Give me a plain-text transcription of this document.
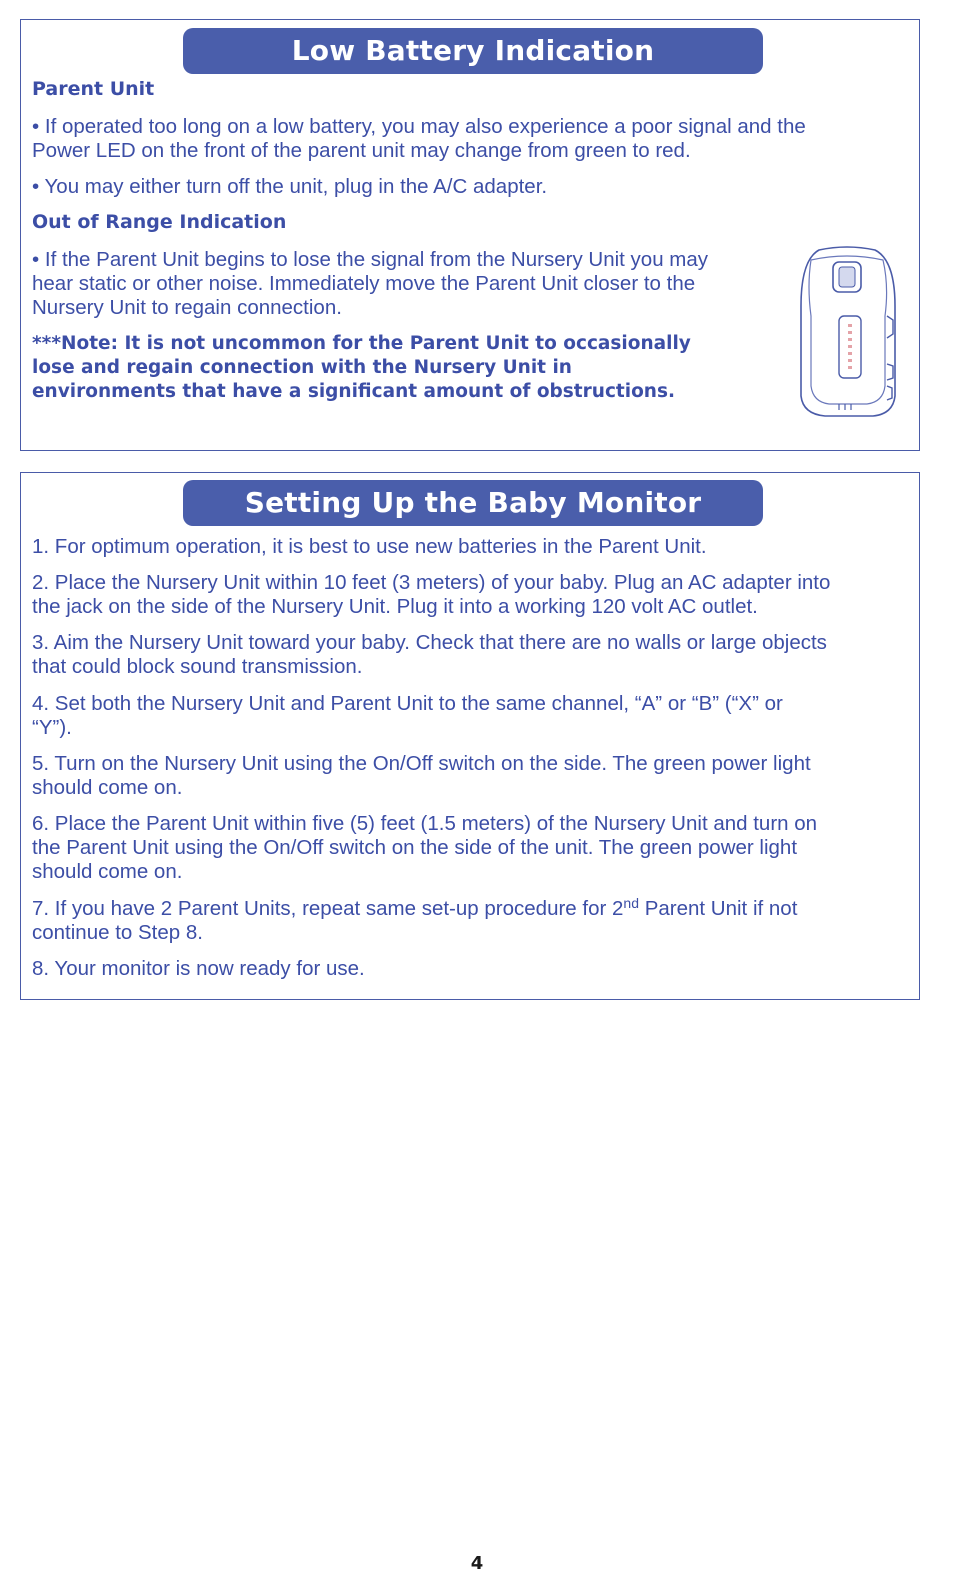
Low Battery Indication
Parent Unit
• If operated too long on a low battery, you may also experience a poor signal and the
Power LED on the front of the parent unit may change from green to red.
• You may either turn off the unit, plug in the A/C adapter.
Out of Range Indication
• If the Parent Unit begins to lose the signal from the Nursery Unit you may
hear static or other noise. Immediately move the Parent Unit closer to the
Nursery Unit to regain connection.
***Note: It is not uncommon for the Parent Unit to occasionally
lose and regain connection with the Nursery Unit in
environments that have a significant amount of obstructions.
Setting Up the Baby Monitor
1. For optimum operation, it is best to use new batteries in the Parent Unit.
2. Place the Nursery Unit within 10 feet (3 meters) of your baby. Plug an AC adapter into
the jack on the side of the Nursery Unit. Plug it into a working 120 volt AC outlet.
3. Aim the Nursery Unit toward your baby. Check that there are no walls or large objects
that could block sound transmission.
4. Set both the Nursery Unit and Parent Unit to the same channel, “A” or “B” (“X” or
“Y”).
5. Turn on the Nursery Unit using the On/Off switch on the side. The green power light
should come on.
6. Place the Parent Unit within five (5) feet (1.5 meters) of the Nursery Unit and turn on
the Parent Unit using the On/Off switch on the side of the unit. The green power light
should come on.
7. If you have 2 Parent Units, repeat same set-up procedure for 2nd Parent Unit if not
continue to Step 8.
8. Your monitor is now ready for use.
4
